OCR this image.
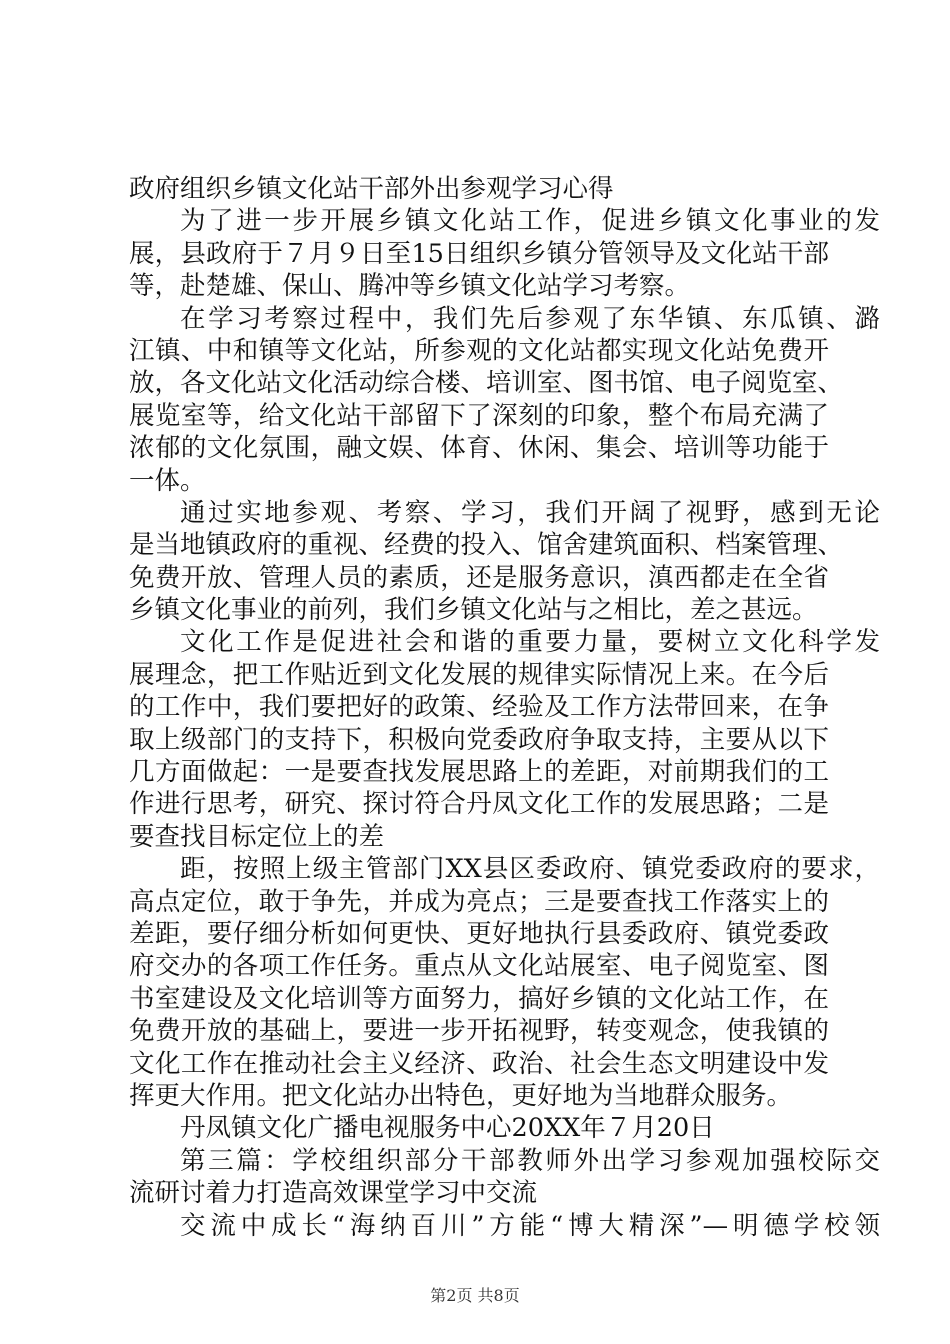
政府组织乡镇文化站干部外出参观学习心得
为了进一步开展乡镇文化站工作，促进乡镇文化事业的发
展，县政府于７月９日至15日组织乡镇分管领导及文化站干部
等，赴楚雄、保山、腾冲等乡镇文化站学习考察。
在学习考察过程中，我们先后参观了东华镇、东瓜镇、潞
江镇、中和镇等文化站，所参观的文化站都实现文化站免费开
放，各文化站文化活动综合楼、培训室、图书馆、电子阅览室、
展览室等，给文化站干部留下了深刻的印象，整个布局充满了
浓郁的文化氛围，融文娱、体育、休闲、集会、培训等功能于
一体。
通过实地参观、考察、学习，我们开阔了视野，感到无论
是当地镇政府的重视、经费的投入、馆舍建筑面积、档案管理、
免费开放、管理人员的素质，还是服务意识，滇西都走在全省
乡镇文化事业的前列，我们乡镇文化站与之相比，差之甚远。
文化工作是促进社会和谐的重要力量，要树立文化科学发
展理念，把工作贴近到文化发展的规律实际情况上来。在今后
的工作中，我们要把好的政策、经验及工作方法带回来，在争
取上级部门的支持下，积极向党委政府争取支持，主要从以下
几方面做起：一是要查找发展思路上的差距，对前期我们的工
作进行思考，研究、探讨符合丹凤文化工作的发展思路；二是
要查找目标定位上的差
距，按照上级主管部门XX县区委政府、镇党委政府的要求，
高点定位，敢于争先，并成为亮点；三是要查找工作落实上的
差距，要仔细分析如何更快、更好地执行县委政府、镇党委政
府交办的各项工作任务。重点从文化站展室、电子阅览室、图
书室建设及文化培训等方面努力，搞好乡镇的文化站工作，在
免费开放的基础上，要进一步开拓视野，转变观念，使我镇的
文化工作在推动社会主义经济、政治、社会生态文明建设中发
挥更大作用。把文化站办出特色，更好地为当地群众服务。
丹凤镇文化广播电视服务中心20XX年７月20日
第三篇：学校组织部分干部教师外出学习参观加强校际交
流研讨着力打造高效课堂学习中交流
交流中成长“海纳百川”方能“博大精深”—明德学校领
第2页 共8页
